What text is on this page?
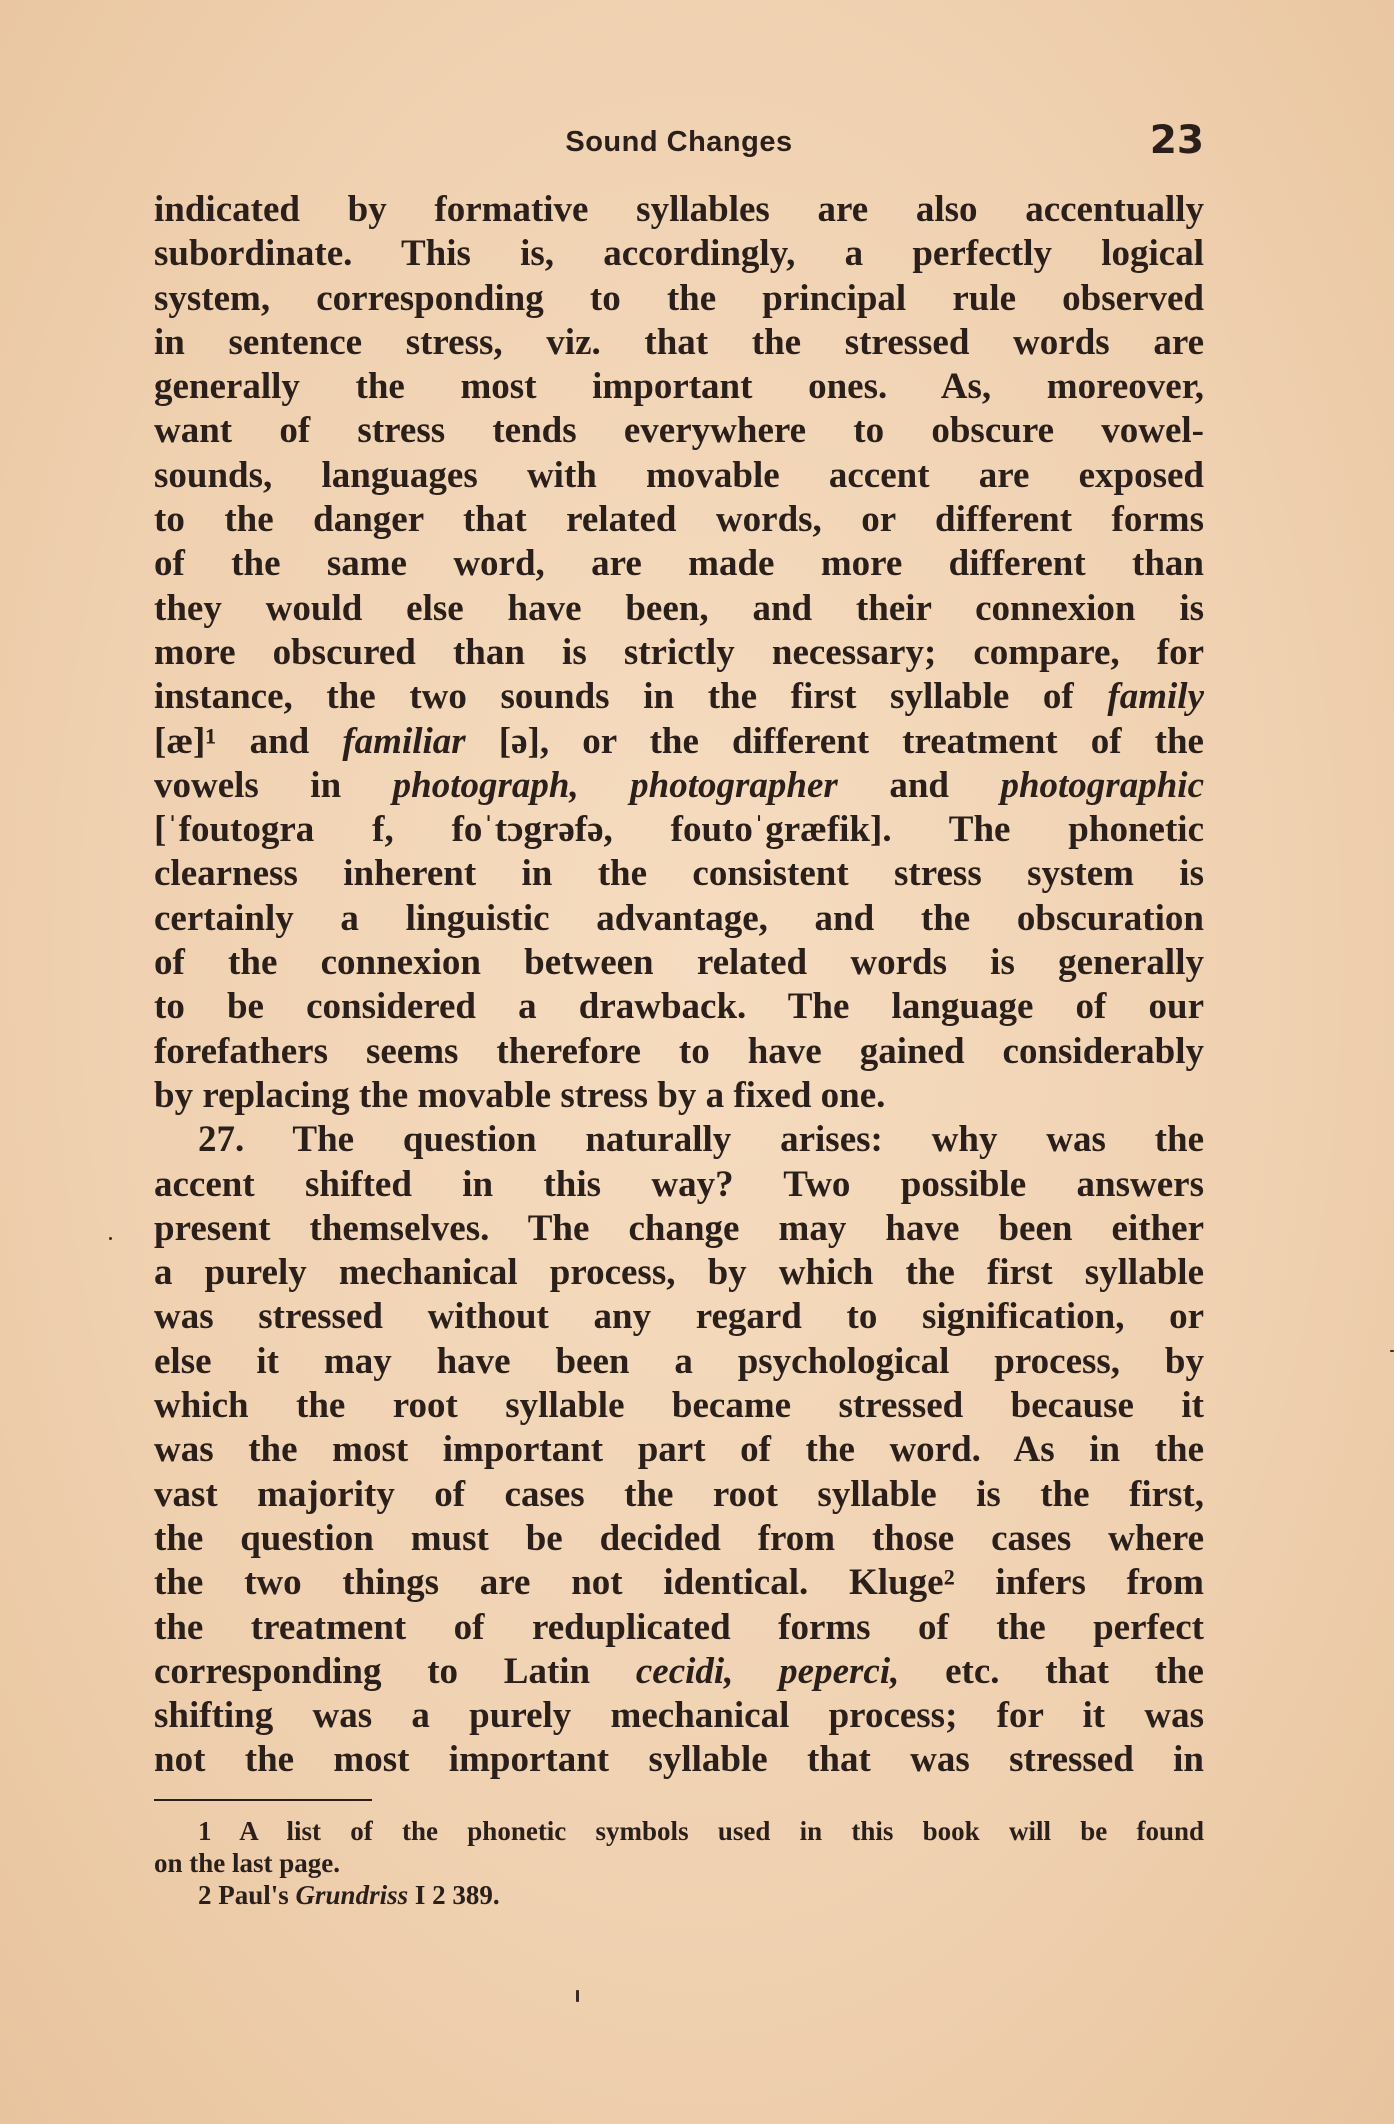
Sound Changes	23
indicated by formative syllables are also accentually
subordinate. This is, accordingly, a perfectly logical
system, corresponding to the principal rule observed
in sentence stress, viz. that the stressed words are
generally the most important ones. As, moreover,
want of stress tends everywhere to obscure vowel-
sounds, languages with movable accent are exposed
to the danger that related words, or different forms
of the same word, are made more different than
they would else have been, and their connexion is
more obscured than is strictly necessary; compare, for
instance, the two sounds in the first syllable of family
[æ]¹ and familiar [ə], or the different treatment of the
vowels in photograph, photographer and photographic
[ˈfoutogra f, foˈtɔgrəfə, foutoˈgræfik]. The phonetic
clearness inherent in the consistent stress system is
certainly a linguistic advantage, and the obscuration
of the connexion between related words is generally
to be considered a drawback. The language of our
forefathers seems therefore to have gained considerably
by replacing the movable stress by a fixed one.
27. The question naturally arises: why was the
accent shifted in this way? Two possible answers
present themselves. The change may have been either
a purely mechanical process, by which the first syllable
was stressed without any regard to signification, or
else it may have been a psychological process, by
which the root syllable became stressed because it
was the most important part of the word. As in the
vast majority of cases the root syllable is the first,
the question must be decided from those cases where
the two things are not identical. Kluge² infers from
the treatment of reduplicated forms of the perfect
corresponding to Latin cecidi, peperci, etc. that the
shifting was a purely mechanical process; for it was
not the most important syllable that was stressed in
1 A list of the phonetic symbols used in this book will be found
on the last page.
2 Paul's Grundriss I 2 389.
